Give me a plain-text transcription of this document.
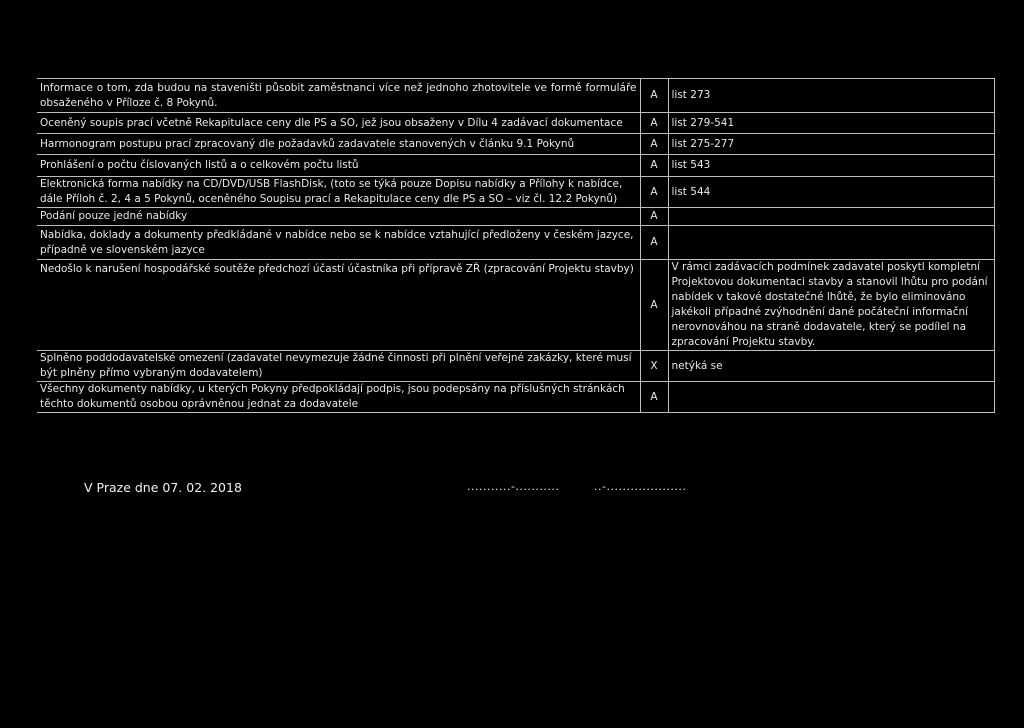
Informace o tom, zda budou na staveništi působit zaměstnanci více než jednoho zhotovitele ve formě formuláře obsaženého v Příloze č. 8 Pokynů.	A	list 273
Oceněný soupis prací včetně Rekapitulace ceny dle PS a SO, jež jsou obsaženy v Dílu 4 zadávací dokumentace	A	list 279-541
Harmonogram postupu prací zpracovaný dle požadavků zadavatele stanovených v článku 9.1 Pokynů	A	list 275-277
Prohlášení o počtu číslovaných listů a o celkovém počtu listů	A	list 543
Elektronická forma nabídky na CD/DVD/USB FlashDisk, (toto se týká pouze Dopisu nabídky a Přílohy k nabídce, dále Příloh č. 2, 4 a 5 Pokynů, oceněného Soupisu prací a Rekapitulace ceny dle PS a SO – viz čl. 12.2 Pokynů)	A	list 544
Podání pouze jedné nabídky	A	
Nabídka, doklady a dokumenty předkládané v nabídce nebo se k nabídce vztahující předloženy v českém jazyce, případně ve slovenském jazyce	A	
Nedošlo k narušení hospodářské soutěže předchozí účastí účastníka při přípravě ZŘ (zpracování Projektu stavby)	A	V rámci zadávacích podmínek zadavatel poskytl kompletní Projektovou dokumentaci stavby a stanovil lhůtu pro podání nabídek v takové dostatečné lhůtě, že bylo eliminováno jakékoli případné zvýhodnění dané počáteční informační nerovnováhou na straně dodavatele, který se podílel na zpracování Projektu stavby.
Splněno poddodavatelské omezení (zadavatel nevymezuje žádné činnosti při plnění veřejné zakázky, které musí být plněny přímo vybraným dodavatelem)	X	netýká se
Všechny dokumenty nabídky, u kterých Pokyny předpokládají podpis, jsou podepsány na příslušných stránkách těchto dokumentů osobou oprávněnou jednat za dodavatele	A	
V Praze dne 07. 02. 2018	...........-...........	..-....................
